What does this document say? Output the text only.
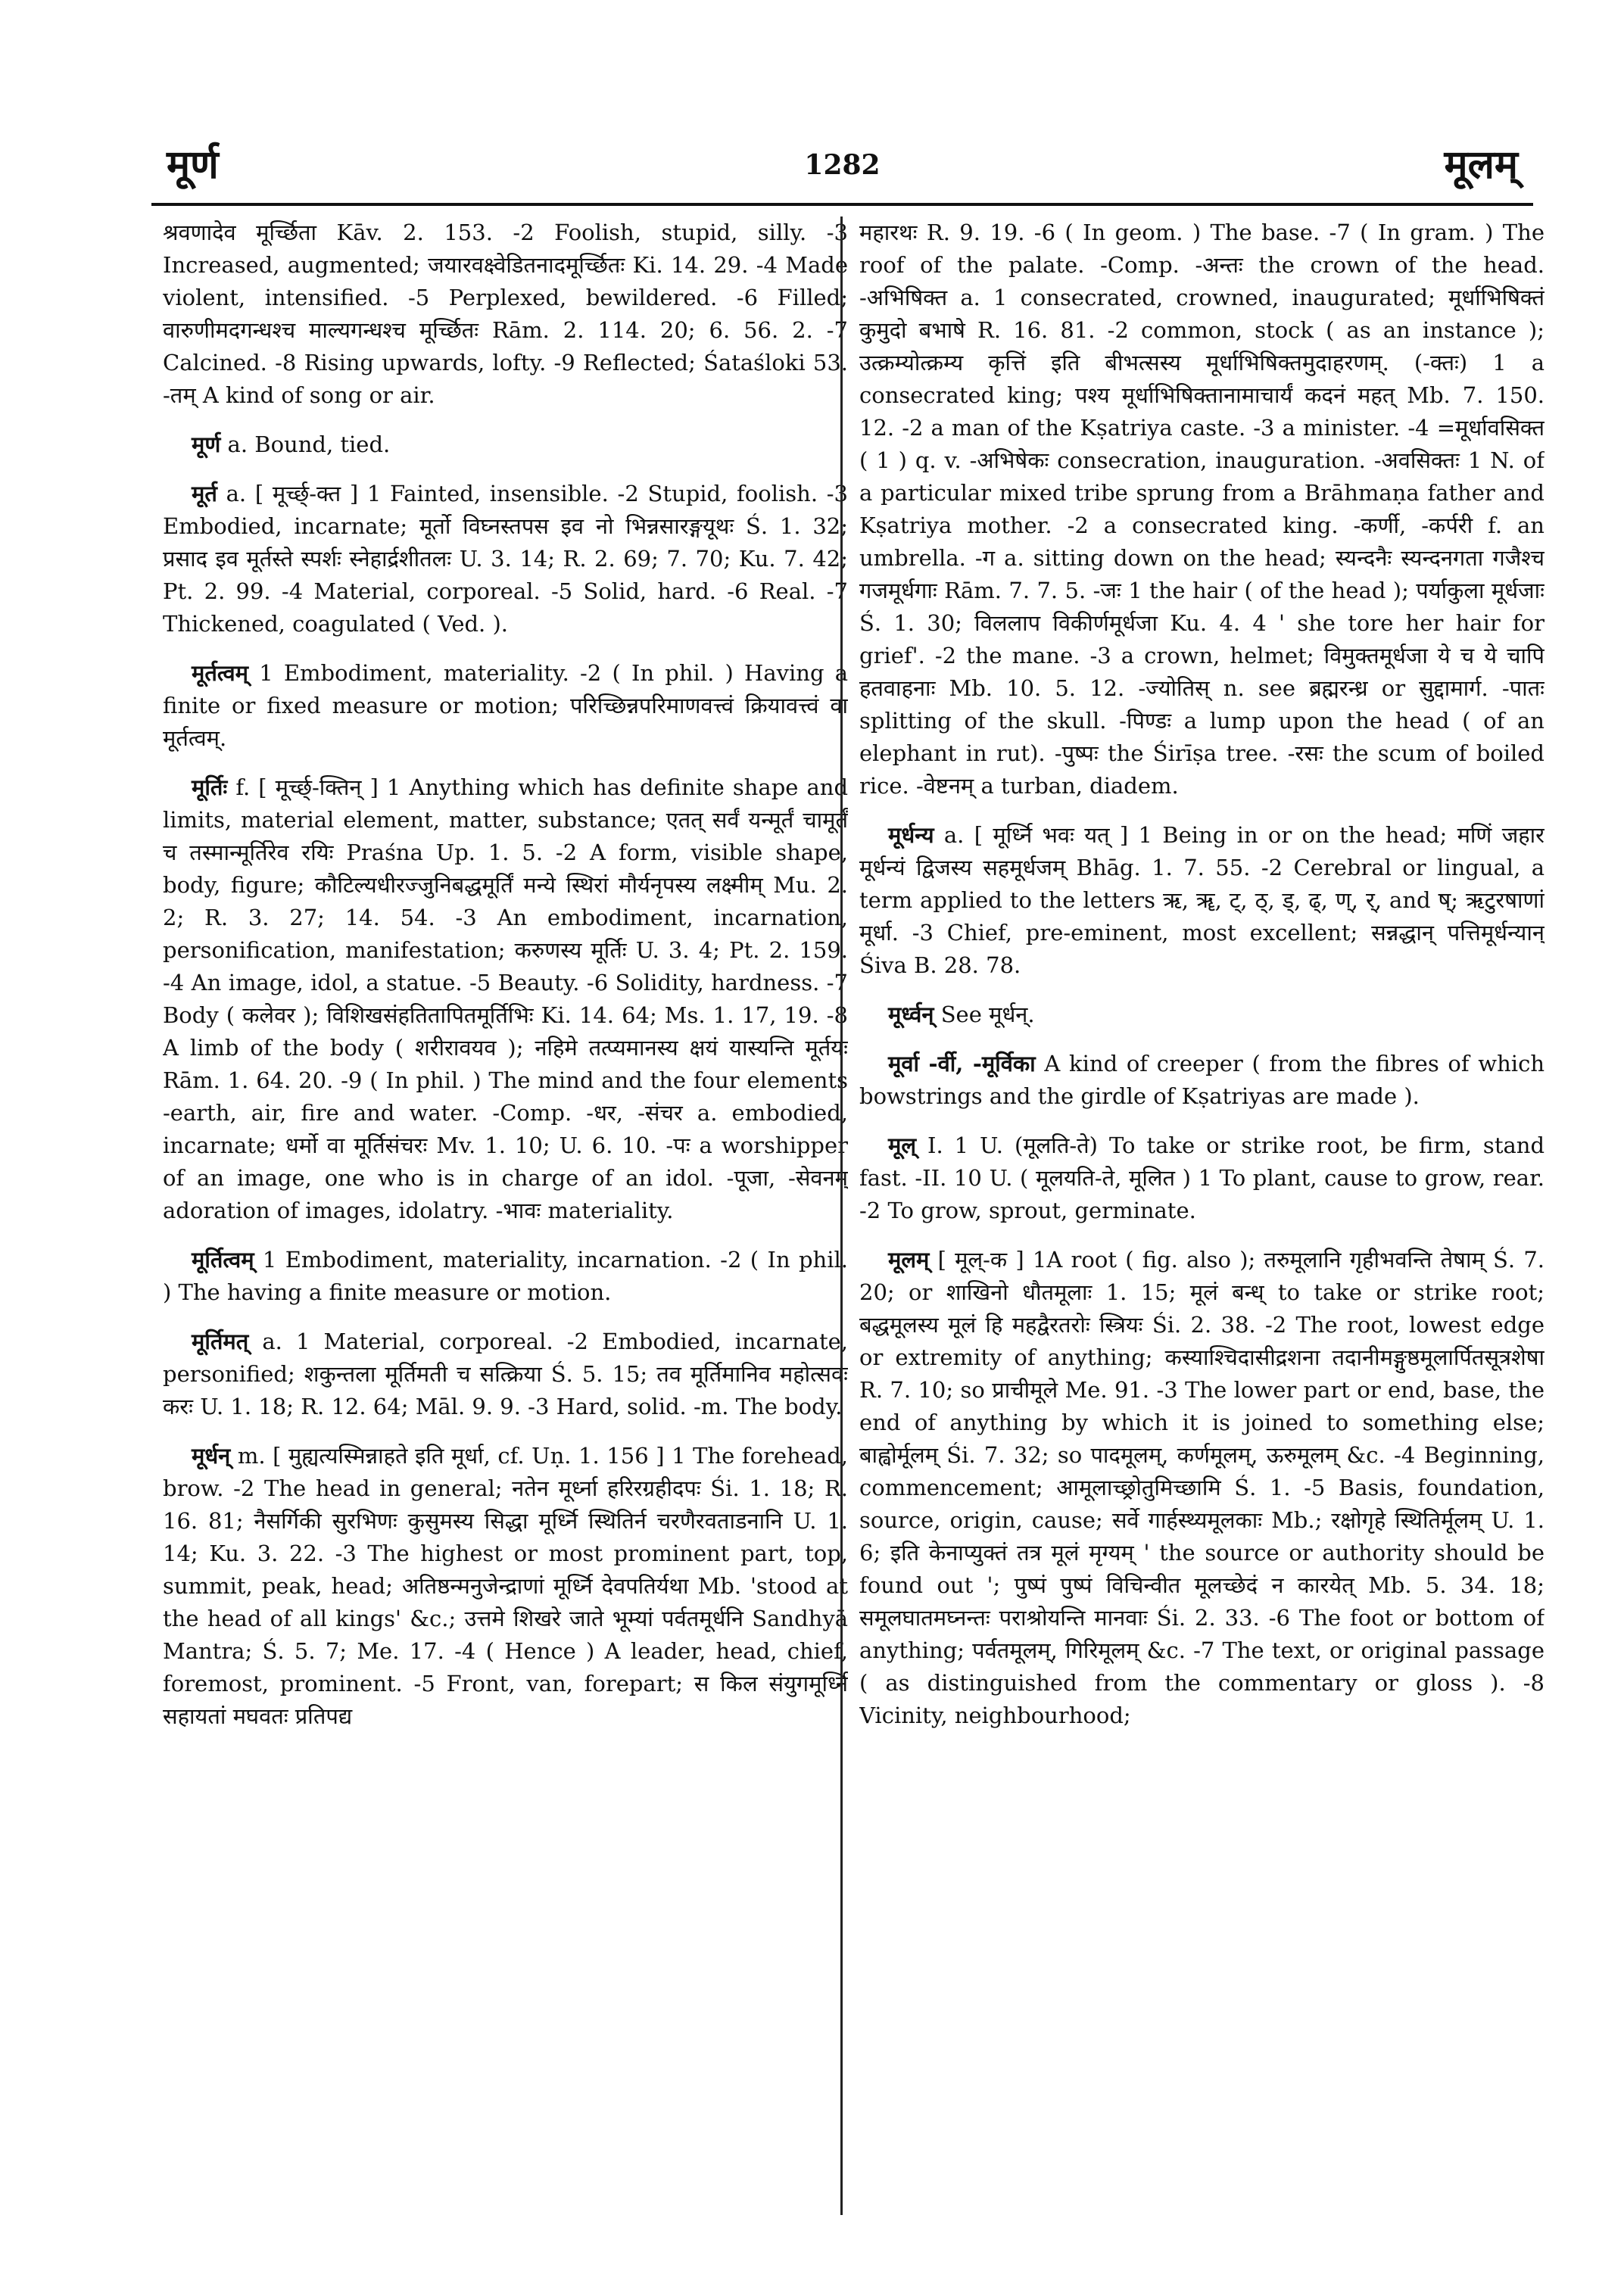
मूर्ण	1282	मूलम्

श्रवणादेव मूर्च्छिता Kāv. 2. 153. -2 Foolish, stupid, silly. -3 Increased, augmented; जयारवक्ष्वेडितनादमूर्च्छितः Ki. 14. 29. -4 Made violent, intensified. -5 Perplexed, bewildered. -6 Filled; वारुणीमदगन्धश्च माल्यगन्धश्च मूर्च्छितः Rām. 2. 114. 20; 6. 56. 2. -7 Calcined. -8 Rising upwards, lofty. -9 Reflected; Śataśloki 53. -तम् A kind of song or air.

मूर्ण a. Bound, tied.

मूर्त a. [ मूर्च्छ्-क्त ] 1 Fainted, insensible. -2 Stupid, foolish. -3 Embodied, incarnate; मूर्तो विघ्नस्तपस इव नो भिन्नसारङ्गयूथः Ś. 1. 32; प्रसाद इव मूर्तस्ते स्पर्शः स्नेहार्द्रशीतलः U. 3. 14; R. 2. 69; 7. 70; Ku. 7. 42; Pt. 2. 99. -4 Material, corporeal. -5 Solid, hard. -6 Real. -7 Thickened, coagulated ( Ved. ).

मूर्तत्वम् 1 Embodiment, materiality. -2 ( In phil. ) Having a finite or fixed measure or motion; परिच्छिन्नपरिमाणवत्त्वं क्रियावत्त्वं वा मूर्तत्वम्.

मूर्तिः f. [ मूर्च्छ्-क्तिन् ] 1 Anything which has definite shape and limits, material element, matter, substance; एतत् सर्वं यन्मूर्तं चामूर्तं च तस्मान्मूर्तिरेव रयिः Praśna Up. 1. 5. -2 A form, visible shape, body, figure; कौटिल्यधीरज्जुनिबद्धमूर्तिं मन्ये स्थिरां मौर्यनृपस्य लक्ष्मीम् Mu. 2. 2; R. 3. 27; 14. 54. -3 An embodiment, incarnation, personification, manifestation; करुणस्य मूर्तिः U. 3. 4; Pt. 2. 159. -4 An image, idol, a statue. -5 Beauty. -6 Solidity, hardness. -7 Body ( कलेवर ); विशिखसंहतितापितमूर्तिभिः Ki. 14. 64; Ms. 1. 17, 19. -8 A limb of the body ( शरीरावयव ); नहिमे तत्प्यमानस्य क्षयं यास्यन्ति मूर्तयः Rām. 1. 64. 20. -9 ( In phil. ) The mind and the four elements -earth, air, fire and water. -Comp. -धर, -संचर a. embodied, incarnate; धर्मो वा मूर्तिसंचरः Mv. 1. 10; U. 6. 10. -पः a worshipper of an image, one who is in charge of an idol. -पूजा, -सेवनम् adoration of images, idolatry. -भावः materiality.

मूर्तित्वम् 1 Embodiment, materiality, incarnation. -2 ( In phil. ) The having a finite measure or motion.

मूर्तिमत् a. 1 Material, corporeal. -2 Embodied, incarnate, personified; शकुन्तला मूर्तिमती च सत्क्रिया Ś. 5. 15; तव मूर्तिमानिव महोत्सवः करः U. 1. 18; R. 12. 64; Māl. 9. 9. -3 Hard, solid. -m. The body.

मूर्धन् m. [ मुह्यत्यस्मिन्नाहते इति मूर्धा, cf. Uṇ. 1. 156 ] 1 The forehead, brow. -2 The head in general; नतेन मूर्ध्ना हरिरग्रहीदपः Śi. 1. 18; R. 16. 81; नैसर्गिकी सुरभिणः कुसुमस्य सिद्धा मूर्ध्नि स्थितिर्न चरणैरवताडनानि U. 1. 14; Ku. 3. 22. -3 The highest or most prominent part, top, summit, peak, head; अतिष्ठन्मनुजेन्द्राणां मूर्ध्नि देवपतिर्यथा Mb. 'stood at the head of all kings' &c.; उत्तमे शिखरे जाते भूम्यां पर्वतमूर्धनि Sandhyā Mantra; Ś. 5. 7; Me. 17. -4 ( Hence ) A leader, head, chief, foremost, prominent. -5 Front, van, forepart; स किल संयुगमूर्ध्नि सहायतां मघवतः प्रतिपद्य

महारथः R. 9. 19. -6 ( In geom. ) The base. -7 ( In gram. ) The roof of the palate. -Comp. -अन्तः the crown of the head. -अभिषिक्त a. 1 consecrated, crowned, inaugurated; मूर्धाभिषिक्तं कुमुदो बभाषे R. 16. 81. -2 common, stock ( as an instance ); उत्क्रम्योत्क्रम्य कृत्तिं इति बीभत्सस्य मूर्धाभिषिक्तमुदाहरणम्. (-क्तः) 1 a consecrated king; पश्य मूर्धाभिषिक्तानामाचार्यं कदनं महत् Mb. 7. 150. 12. -2 a man of the Kṣatriya caste. -3 a minister. -4 =मूर्धावसिक्त ( 1 ) q. v. -अभिषेकः consecration, inauguration. -अवसिक्तः 1 N. of a particular mixed tribe sprung from a Brāhmaṇa father and Kṣatriya mother. -2 a consecrated king. -कर्णी, -कर्परी f. an umbrella. -ग a. sitting down on the head; स्यन्दनैः स्यन्दनगता गजैश्च गजमूर्धगाः Rām. 7. 7. 5. -जः 1 the hair ( of the head ); पर्याकुला मूर्धजाः Ś. 1. 30; विललाप विकीर्णमूर्धजा Ku. 4. 4 ' she tore her hair for grief'. -2 the mane. -3 a crown, helmet; विमुक्तमूर्धजा ये च ये चापि हतवाहनाः Mb. 10. 5. 12. -ज्योतिस् n. see ब्रह्मरन्ध्र or सुद्दामार्ग. -पातः splitting of the skull. -पिण्डः a lump upon the head ( of an elephant in rut). -पुष्पः the Śirīṣa tree. -रसः the scum of boiled rice. -वेष्टनम् a turban, diadem.

मूर्धन्य a. [ मूर्ध्नि भवः यत् ] 1 Being in or on the head; मणिं जहार मूर्धन्यं द्विजस्य सहमूर्धजम् Bhāg. 1. 7. 55. -2 Cerebral or lingual, a term applied to the letters ऋ, ॠ, ट्, ठ्, ड्, ढ्, ण्, र्, and ष्; ऋटुरषाणां मूर्धा. -3 Chief, pre-eminent, most excellent; सन्नद्धान् पत्तिमूर्धन्यान् Śiva B. 28. 78.

मूर्ध्वन् See मूर्धन्.

मूर्वा -र्वी, -मूर्विका A kind of creeper ( from the fibres of which bowstrings and the girdle of Kṣatriyas are made ).

मूल् I. 1 U. (मूलति-ते) To take or strike root, be firm, stand fast. -II. 10 U. ( मूलयति-ते, मूलित ) 1 To plant, cause to grow, rear. -2 To grow, sprout, germinate.

मूलम् [ मूल्-क ] 1A root ( fig. also ); तरुमूलानि गृहीभवन्ति तेषाम् Ś. 7. 20; or शाखिनो धौतमूलाः 1. 15; मूलं बन्ध् to take or strike root; बद्धमूलस्य मूलं हि महद्वैरतरोः स्त्रियः Śi. 2. 38. -2 The root, lowest edge or extremity of anything; कस्याश्चिदासीद्रशना तदानीमङ्गुष्ठमूलार्पितसूत्रशेषा R. 7. 10; so प्राचीमूले Me. 91. -3 The lower part or end, base, the end of anything by which it is joined to something else; बाह्वोर्मूलम् Śi. 7. 32; so पादमूलम्, कर्णमूलम्, ऊरुमूलम् &c. -4 Beginning, commencement; आमूलाच्छ्रोतुमिच्छामि Ś. 1. -5 Basis, foundation, source, origin, cause; सर्वे गार्हस्थ्यमूलकाः Mb.; रक्षोगृहे स्थितिर्मूलम् U. 1. 6; इति केनाप्युक्तं तत्र मूलं मृग्यम् ' the source or authority should be found out '; पुष्पं पुष्पं विचिन्वीत मूलच्छेदं न कारयेत् Mb. 5. 34. 18; समूलघातमघ्नन्तः पराश्रोयन्ति मानवाः Śi. 2. 33. -6 The foot or bottom of anything; पर्वतमूलम्, गिरिमूलम् &c. -7 The text, or original passage ( as distinguished from the commentary or gloss ). -8 Vicinity, neighbourhood;
